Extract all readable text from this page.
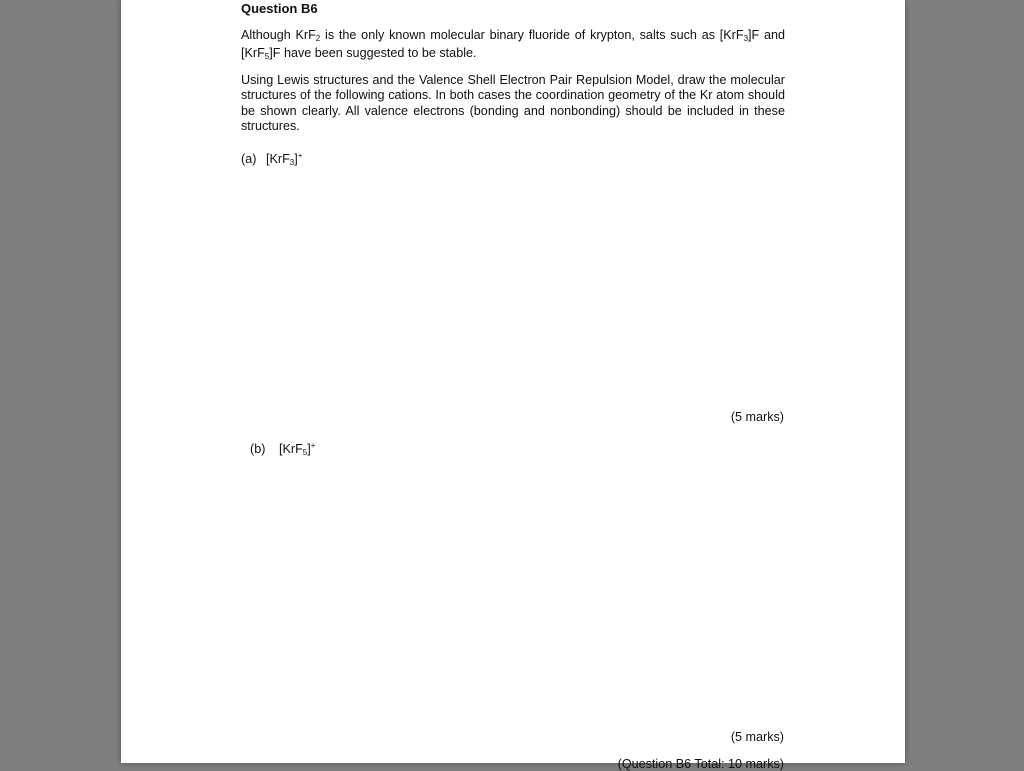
Question B6
Although KrF$_2$ is the only known molecular binary fluoride of krypton, salts such as [KrF$_3$]F and [KrF$_5$]F have been suggested to be stable.
Using Lewis structures and the Valence Shell Electron Pair Repulsion Model, draw the molecular structures of the following cations. In both cases the coordination geometry of the Kr atom should be shown clearly. All valence electrons (bonding and nonbonding) should be included in these structures.
(a) [KrF$_3$]+
(5 marks)
(b) [KrF$_5$]+
(5 marks)
(Question B6 Total: 10 marks)
